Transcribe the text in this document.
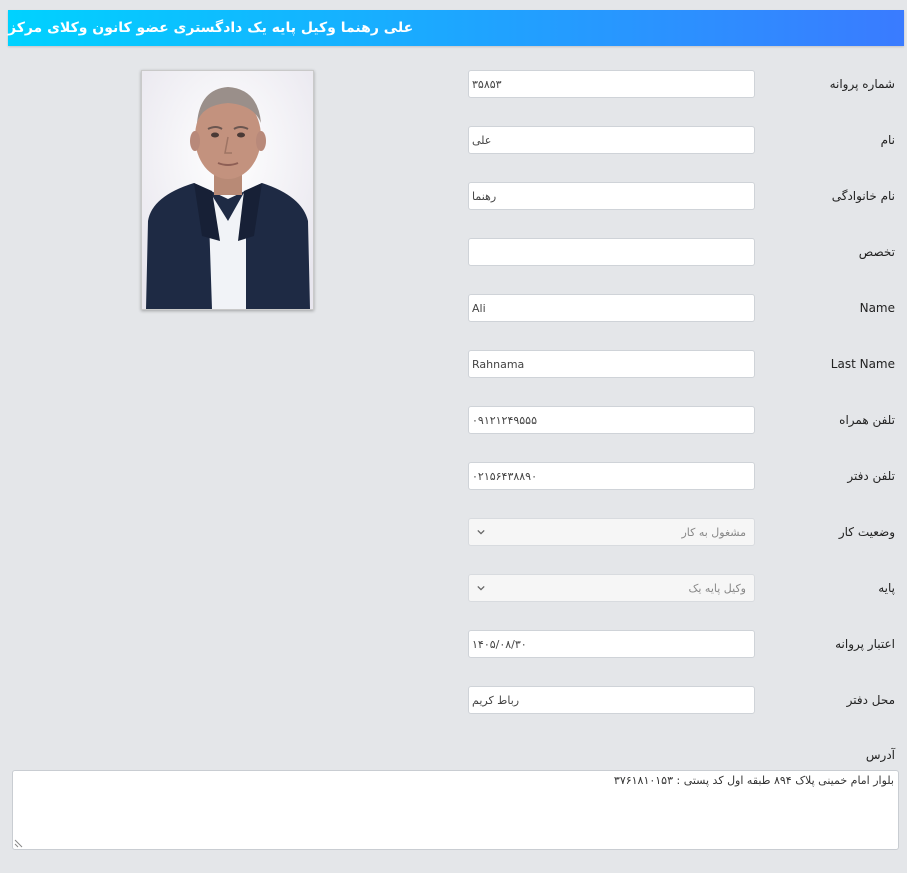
علی رهنما وکیل پایه یک دادگستری عضو کانون وکلای مرکز
شماره پروانه
۳۵۸۵۳
نام
علی
نام خانوادگی
رهنما
تخصص
Name
Ali
Last Name
Rahnama
تلفن همراه
۰۹۱۲۱۲۴۹۵۵۵
تلفن دفتر
۰۲۱۵۶۴۳۸۸۹۰
وضعیت کار
مشغول به کار
پایه
وکیل پایه یک
اعتبار پروانه
۱۴۰۵/۰۸/۳۰
محل دفتر
رباط کریم
آدرس
بلوار امام خمینی پلاک ۸۹۴ طبقه اول کد پستی : ۳۷۶۱۸۱۰۱۵۳
